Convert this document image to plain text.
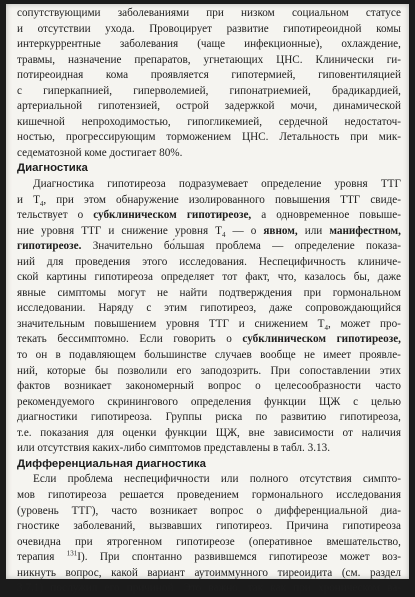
сопутствующими заболеваниями при низком социальном статусе
и отсутствии ухода. Провоцирует развитие гипотиреоидной комы
интеркуррентные заболевания (чаще инфекционные), охлаждение,
травмы, назначение препаратов, угнетающих ЦНС. Клинически ги-
потиреоидная кома проявляется гипотермией, гиповентиляцией
с гиперкапнией, гиперволемией, гипонатриемией, брадикардией,
артериальной гипотензией, острой задержкой мочи, динамической
кишечной непроходимостью, гипогликемией, сердечной недостаточ-
ностью, прогрессирующим торможением ЦНС. Летальность при мик-
седематозной
коме
достигает
80%.
Диагностика
Диагностика гипотиреоза подразумевает определение уровня ТТГ
и $Т_4$, при этом обнаружение изолированного повышения ТТГ свиде-
тельствует о субклиническом гипотиреозе, а одновременное повыше-
ние уровня ТТГ и снижение уровня $Т_4$ — о явном, или манифестном,
гипотиреозе. Значительно бо́льшая проблема — определение показа-
ний для проведения этого исследования. Неспецифичность клиниче-
ской картины гипотиреоза определяет тот факт, что, казалось бы, даже
явные симптомы могут не найти подтверждения при гормональном
исследовании. Наряду с этим гипотиреоз, даже сопровождающийся
значительным повышением уровня ТТГ и снижением $Т_4$, может про-
текать бессимптомно. Если говорить о субклиническом гипотиреозе,
то он в подавляющем большинстве случаев вообще не имеет проявле-
ний, которые бы позволили его заподозрить. При сопоставлении этих
фактов возникает закономерный вопрос о целесообразности часто
рекомендуемого скринингового определения функции ЩЖ с целью
диагностики гипотиреоза. Группы риска по развитию гипотиреоза,
т.е. показания для оценки функции ЩЖ, вне зависимости от наличия
или
отсутствия
каких-либо
симптомов
представлены
в
табл.
3.13.
Дифференциальная диагностика
Если проблема неспецифичности или полного отсутствия симпто-
мов гипотиреоза решается проведением гормонального исследования
(уровень ТТГ), часто возникает вопрос о дифференциальной диа-
гностике заболеваний, вызвавших гипотиреоз. Причина гипотиреоза
очевидна при ятрогенном гипотиреозе (оперативное вмешательство,
терапия $^{131}$I). При спонтанно развившемся гипотиреозе может воз-
никнуть вопрос, какой вариант аутоиммунного тиреоидита (см. раздел
3.7.1) послужил его причиной. Это важно, так как при хроническом ва-
